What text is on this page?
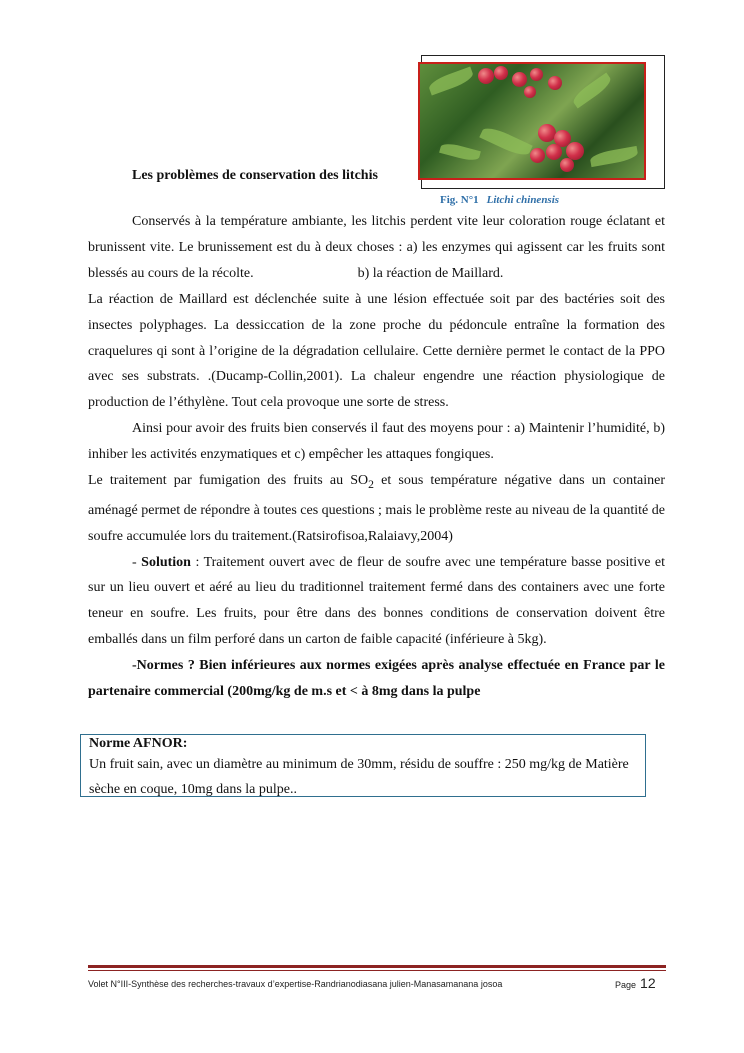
Fig. N°1 Litchi chinensis
Les problèmes de conservation des litchis

Conservés à la température ambiante, les litchis perdent vite leur coloration rouge éclatant et brunissent vite. Le brunissement est du à deux choses : a) les enzymes qui agissent car les fruits sont blessés au cours de la récolte.	b) la réaction de Maillard.

La réaction de Maillard est déclenchée suite à une lésion effectuée soit par des bactéries soit des insectes polyphages. La dessiccation de la zone proche du pédoncule entraîne la formation des craquelures qi sont à l’origine de la dégradation cellulaire. Cette dernière permet le contact de la PPO avec ses substrats. .(Ducamp-Collin,2001). La chaleur engendre une réaction physiologique de production de l’éthylène. Tout cela provoque une sorte de stress.

Ainsi pour avoir des fruits bien conservés il faut des moyens pour : a) Maintenir l’humidité, b) inhiber les activités enzymatiques et c) empêcher les attaques fongiques.

Le traitement par fumigation des fruits au $SO_2$ et sous température négative dans un container aménagé permet de répondre à toutes ces questions ; mais le problème reste au niveau de la quantité de soufre accumulée lors du traitement.(Ratsirofisoa,Ralaiavy,2004)

- Solution : Traitement ouvert avec de fleur de soufre avec une température basse positive et sur un lieu ouvert et aéré au lieu du traditionnel traitement fermé dans des containers avec une forte teneur en soufre. Les fruits, pour être dans des bonnes conditions de conservation doivent être emballés dans un film perforé dans un carton de faible capacité (inférieure à 5kg).

-Normes ? Bien inférieures aux normes exigées après analyse effectuée en France par le partenaire commercial (200mg/kg de m.s et < à 8mg dans la pulpe

Norme AFNOR:
Un fruit sain, avec un diamètre au minimum de 30mm, résidu de souffre : 250 mg/kg de Matière sèche en coque, 10mg dans la pulpe..
Volet N°III-Synthèse des recherches-travaux d’expertise-Randrianodiasana julien-Manasamanana josoa	Page 12
